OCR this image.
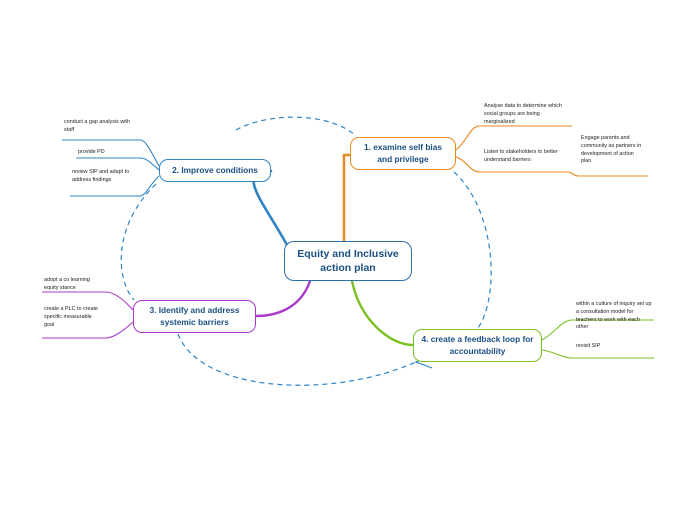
Equity and Inclusive action plan
1. examine self bias and privilege
2. Improve conditions
3. Identify and address systemic barriers
4. create a feedback loop for accountability
Analyse data to determine which social groups are being marginalized
Listen to stakeholders to better understand barriers
Engage parents and community as partners in development of action plan
conduct a gap analysis with staff
provide PD
review SIP and adapt to address findings
adopt a co learning equity stance
create a PLC to create specific measurable goal
within a culture of inquiry set up a consultation model for teachers to work with each other
revisit SIP
